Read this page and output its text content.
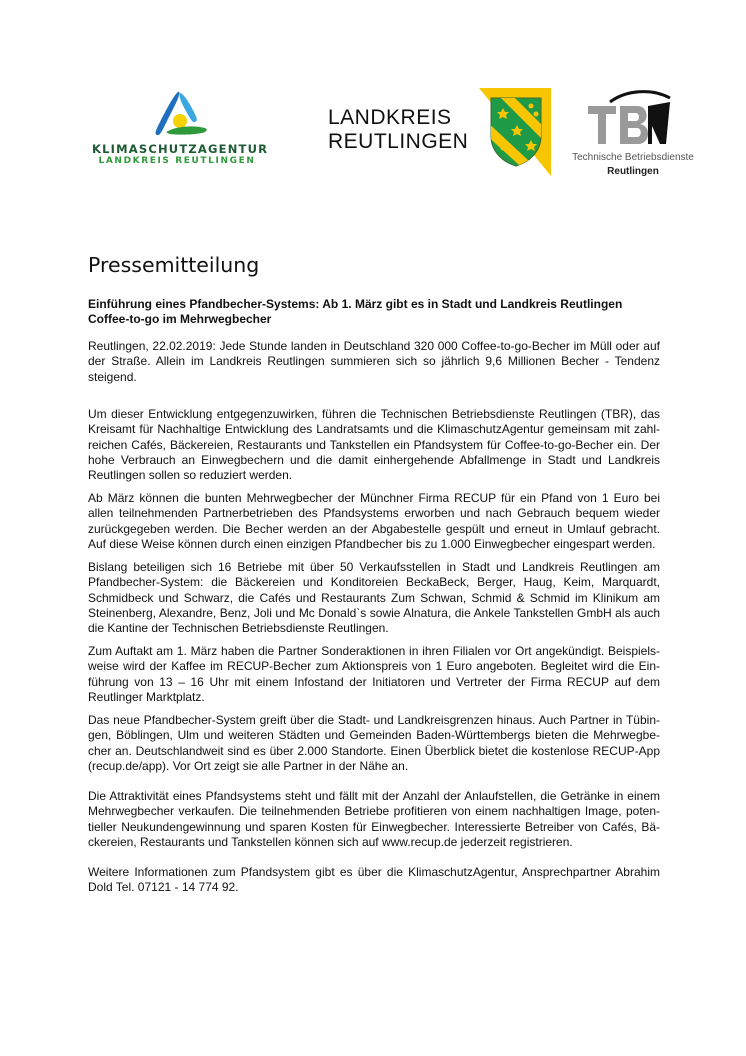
KLIMASCHUTZAGENTUR
LANDKREIS REUTLINGEN
LANDKREIS
REUTLINGEN
Technische Betriebsdienste
Reutlingen
Pressemitteilung

Einführung eines Pfandbecher-Systems: Ab 1. März gibt es in Stadt und Landkreis Reutlingen Coffee-to-go im Mehrwegbecher

Reutlingen, 22.02.2019: Jede Stunde landen in Deutschland 320 000 Coffee-to-go-Becher im Müll oder auf der Straße. Allein im Landkreis Reutlingen summieren sich so jährlich 9,6 Millionen Becher - Tendenz steigend.

Um dieser Entwicklung entgegenzuwirken, führen die Technischen Betriebsdienste Reutlingen (TBR), das Kreisamt für Nachhaltige Entwicklung des Landratsamts und die KlimaschutzAgentur gemeinsam mit zahlreichen Cafés, Bäckereien, Restaurants und Tankstellen ein Pfandsystem für Coffee-to-go-Becher ein. Der hohe Verbrauch an Einwegbechern und die damit einhergehende Abfallmenge in Stadt und Landkreis Reutlingen sollen so reduziert werden.

Ab März können die bunten Mehrwegbecher der Münchner Firma RECUP für ein Pfand von 1 Euro bei allen teilnehmenden Partnerbetrieben des Pfandsystems erworben und nach Gebrauch bequem wieder zurückgegeben werden. Die Becher werden an der Abgabestelle gespült und erneut in Umlauf gebracht. Auf diese Weise können durch einen einzigen Pfandbecher bis zu 1.000 Einwegbecher eingespart werden.

Bislang beteiligen sich 16 Betriebe mit über 50 Verkaufsstellen in Stadt und Landkreis Reutlingen am Pfandbecher-System: die Bäckereien und Konditoreien BeckaBeck, Berger, Haug, Keim, Marquardt, Schmidbeck und Schwarz, die Cafés und Restaurants Zum Schwan, Schmid & Schmid im Klinikum am Steinenberg, Alexandre, Benz, Joli und Mc Donald`s sowie Alnatura, die Ankele Tankstellen GmbH als auch die Kantine der Technischen Betriebsdienste Reutlingen.

Zum Auftakt am 1. März haben die Partner Sonderaktionen in ihren Filialen vor Ort angekündigt. Beispielsweise wird der Kaffee im RECUP-Becher zum Aktionspreis von 1 Euro angeboten. Begleitet wird die Einführung von 13 – 16 Uhr mit einem Infostand der Initiatoren und Vertreter der Firma RECUP auf dem Reutlinger Marktplatz.

Das neue Pfandbecher-System greift über die Stadt- und Landkreisgrenzen hinaus. Auch Partner in Tübingen, Böblingen, Ulm und weiteren Städten und Gemeinden Baden-Württembergs bieten die Mehrwegbecher an. Deutschlandweit sind es über 2.000 Standorte. Einen Überblick bietet die kostenlose RECUP-App (recup.de/app). Vor Ort zeigt sie alle Partner in der Nähe an.

Die Attraktivität eines Pfandsystems steht und fällt mit der Anzahl der Anlaufstellen, die Getränke in einem Mehrwegbecher verkaufen. Die teilnehmenden Betriebe profitieren von einem nachhaltigen Image, potentieller Neukundengewinnung und sparen Kosten für Einwegbecher. Interessierte Betreiber von Cafés, Bäckereien, Restaurants und Tankstellen können sich auf www.recup.de jederzeit registrieren.

Weitere Informationen zum Pfandsystem gibt es über die KlimaschutzAgentur, Ansprechpartner Abrahim Dold Tel. 07121 - 14 774 92.
